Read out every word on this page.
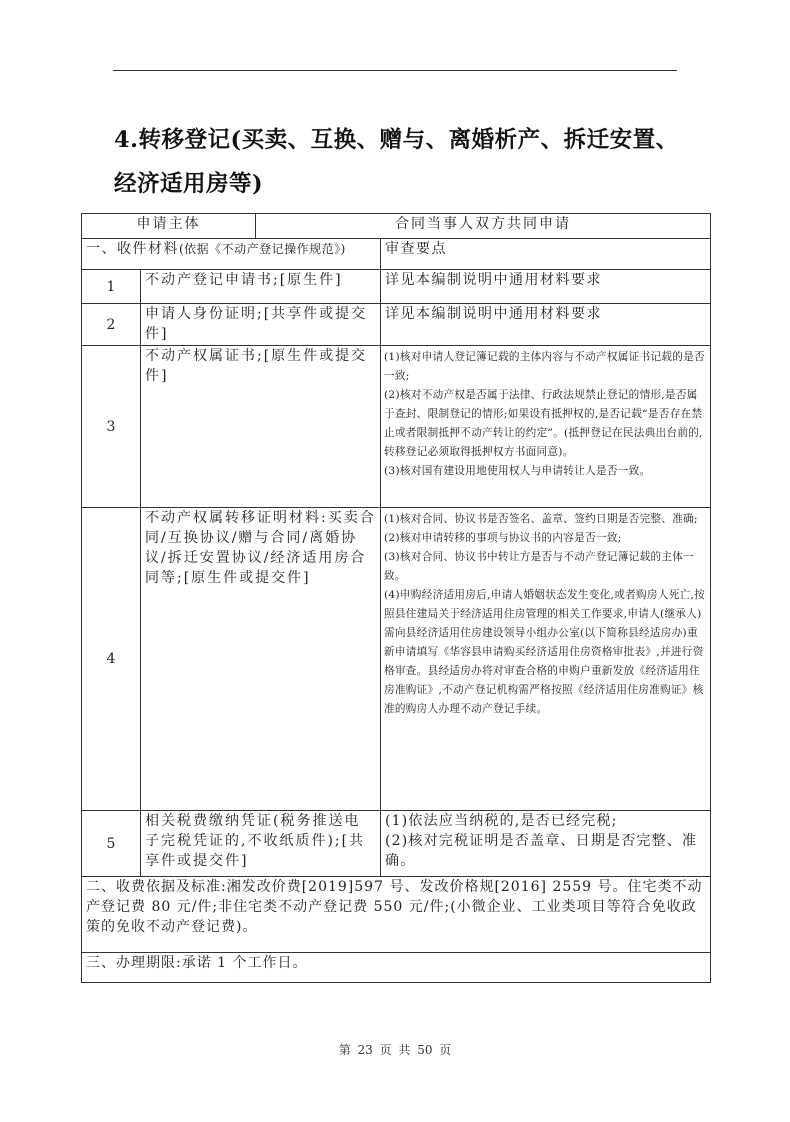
4.转移登记(买卖、互换、赠与、离婚析产、拆迁安置、经济适用房等)
申请主体		合同当事人双方共同申请	
一、收件材料(依据《不动产登记操作规范》)			审查要点
1	不动产登记申请书;[原生件]		详见本编制说明中通用材料要求
2	申请人身份证明;[共享件或提交件]		详见本编制说明中通用材料要求
3	不动产权属证书;[原生件或提交件]		(1)核对申请人登记簿记载的主体内容与不动产权属证书记载的是否一致;

(2)核对不动产权是否属于法律、行政法规禁止登记的情形,是否属于查封、限制登记的情形;如果设有抵押权的,是否记载“是否存在禁止或者限制抵押不动产转让的约定”。(抵押登记在民法典出台前的,转移登记必须取得抵押权方书面同意)。

(3)核对国有建设用地使用权人与申请转让人是否一致。

4	不动产权属转移证明材料:买卖合同/互换协议/赠与合同/离婚协议/拆迁安置协议/经济适用房合同等;[原生件或提交件]		(1)核对合同、协议书是否签名、盖章、签约日期是否完整、准确;

(2)核对申请转移的事项与协议书的内容是否一致;

(3)核对合同、协议书中转让方是否与不动产登记簿记载的主体一致。

(4)申购经济适用房后,申请人婚姻状态发生变化,或者购房人死亡,按照县住建局关于经济适用住房管理的相关工作要求,申请人(继承人)需向县经济适用住房建设领导小组办公室(以下简称县经适房办)重新申请填写《华容县申请购买经济适用住房资格审批表》,并进行资格审查。县经适房办将对审查合格的申购户重新发放《经济适用住房准购证》,不动产登记机构需严格按照《经济适用住房准购证》核准的购房人办理不动产登记手续。

5	相关税费缴纳凭证(税务推送电子完税凭证的,不收纸质件);[共享件或提交件]		(1)依法应当纳税的,是否已经完税;

(2)核对完税证明是否盖章、日期是否完整、准确。

二、收费依据及标准:湘发改价费[2019]597 号、发改价格规[2016] 2559 号。住宅类不动产登记费 80 元/件;非住宅类不动产登记费 550 元/件;(小微企业、工业类项目等符合免收政策的免收不动产登记费)。			
三、办理期限:承诺 1 个工作日。			
第 23 页 共 50 页
